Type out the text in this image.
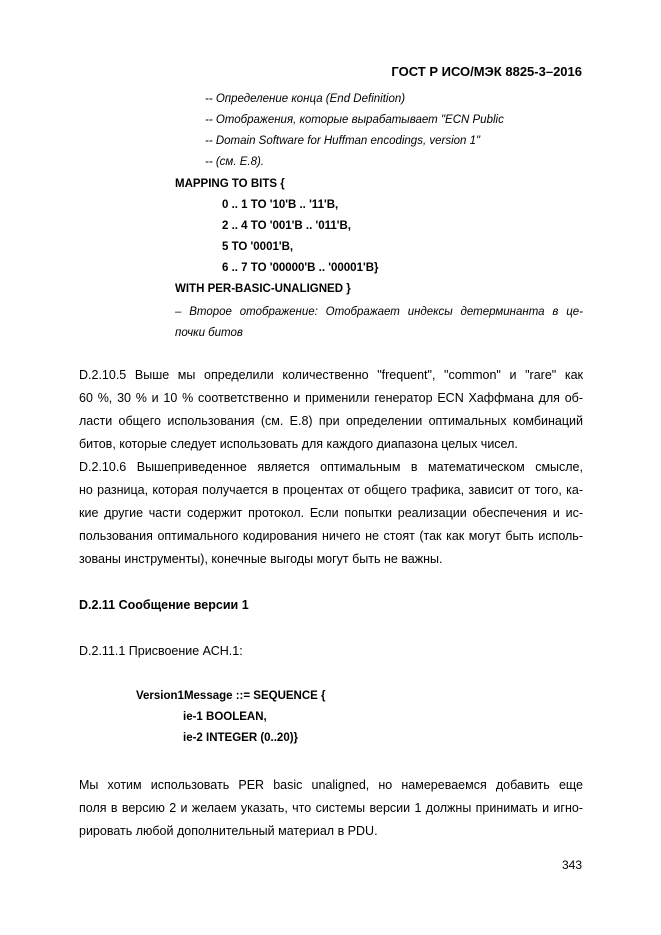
ГОСТ Р ИСО/МЭК 8825-3–2016
-- Определение конца (End Definition)
-- Отображения, которые вырабатывает "ECN Public
-- Domain Software for Huffman encodings, version 1"
-- (см. Е.8).
MAPPING TO BITS {
0 .. 1 TO '10'B .. '11'B,
2 .. 4 TO '001'B .. '011'B,
5 TO '0001'B,
6 .. 7 TO '00000'B .. '00001'B}
WITH PER-BASIC-UNALIGNED }
– Второе отображение: Отображает индексы детерминанта в це-
почки битов
D.2.10.5 Выше мы определили количественно "frequent", "common" и "rare" как
60 %, 30 % и 10 % соответственно и применили генератор ECN Хаффмана для об-
ласти общего использования (см. Е.8) при определении оптимальных комбинаций
битов, которые следует использовать для каждого диапазона целых чисел.
D.2.10.6 Вышеприведенное является оптимальным в математическом смысле,
но разница, которая получается в процентах от общего трафика, зависит от того, ка-
кие другие части содержит протокол. Если попытки реализации обеспечения и ис-
пользования оптимального кодирования ничего не стоят (так как могут быть исполь-
зованы инструменты), конечные выгоды могут быть не важны.
D.2.11 Сообщение версии 1
D.2.11.1 Присвоение АСН.1:
Version1Message ::= SEQUENCE {
ie-1 BOOLEAN,
ie-2 INTEGER (0..20)}
Мы хотим использовать PER basic unaligned, но намереваемся добавить еще
поля в версию 2 и желаем указать, что системы версии 1 должны принимать и игно-
рировать любой дополнительный материал в PDU.
343
